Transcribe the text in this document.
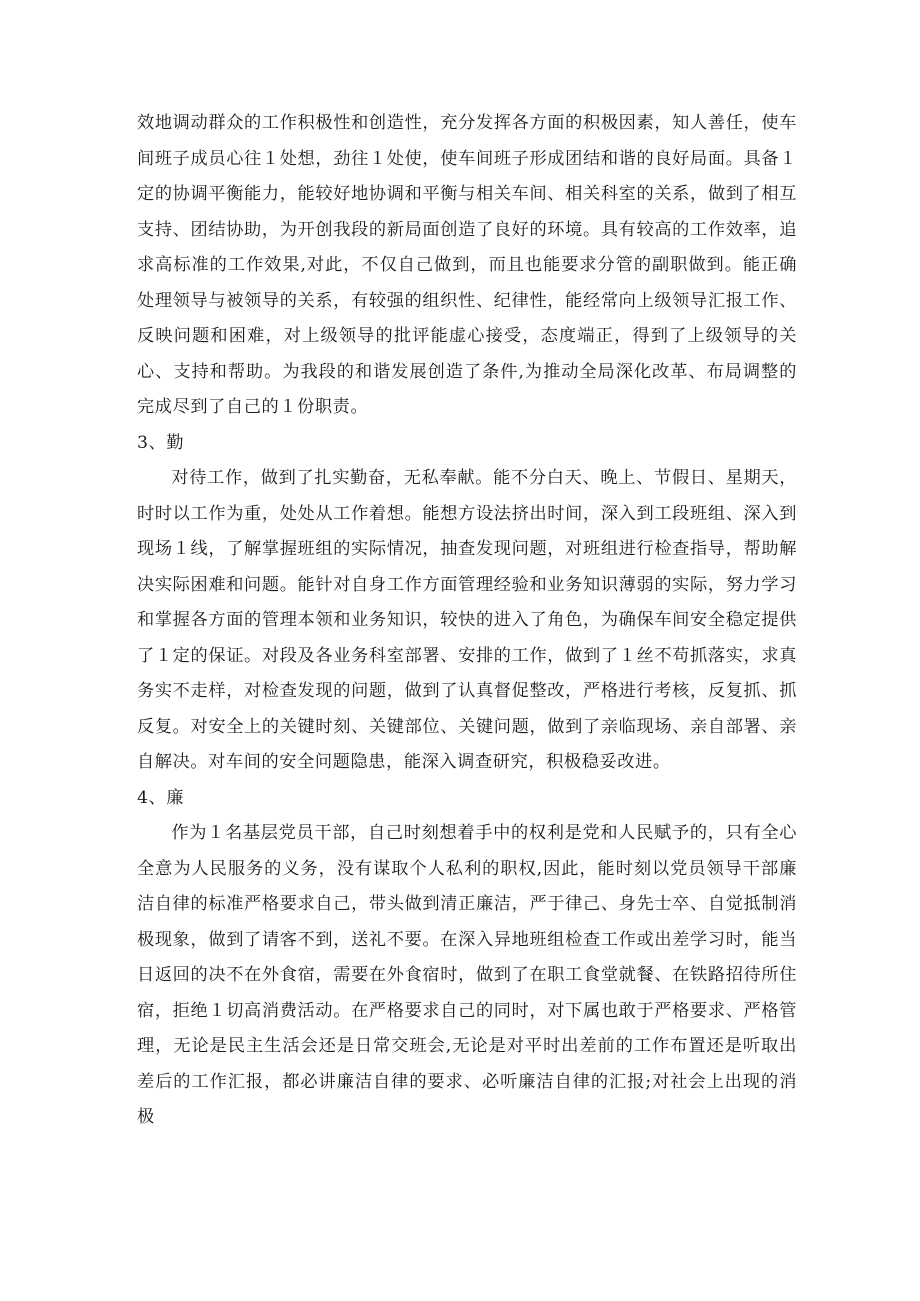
效地调动群众的工作积极性和创造性，充分发挥各方面的积极因素，知人善任，使车间班子成员心往１处想，劲往１处使，使车间班子形成团结和谐的良好局面。具备１定的协调平衡能力，能较好地协调和平衡与相关车间、相关科室的关系，做到了相互支持、团结协助，为开创我段的新局面创造了良好的环境。具有较高的工作效率，追求高标准的工作效果,对此，不仅自己做到，而且也能要求分管的副职做到。能正确处理领导与被领导的关系，有较强的组织性、纪律性，能经常向上级领导汇报工作、反映问题和困难，对上级领导的批评能虚心接受，态度端正，得到了上级领导的关心、支持和帮助。为我段的和谐发展创造了条件,为推动全局深化改革、布局调整的完成尽到了自己的１份职责。

3、勤

对待工作，做到了扎实勤奋，无私奉献。能不分白天、晚上、节假日、星期天，时时以工作为重，处处从工作着想。能想方设法挤出时间，深入到工段班组、深入到现场１线，了解掌握班组的实际情况，抽查发现问题，对班组进行检查指导，帮助解决实际困难和问题。能针对自身工作方面管理经验和业务知识薄弱的实际，努力学习和掌握各方面的管理本领和业务知识，较快的进入了角色，为确保车间安全稳定提供了１定的保证。对段及各业务科室部署、安排的工作，做到了１丝不苟抓落实，求真务实不走样，对检查发现的问题，做到了认真督促整改，严格进行考核，反复抓、抓反复。对安全上的关键时刻、关键部位、关键问题，做到了亲临现场、亲自部署、亲自解决。对车间的安全问题隐患，能深入调查研究，积极稳妥改进。

4、廉

作为１名基层党员干部，自己时刻想着手中的权利是党和人民赋予的，只有全心全意为人民服务的义务，没有谋取个人私利的职权,因此，能时刻以党员领导干部廉洁自律的标准严格要求自己，带头做到清正廉洁，严于律己、身先士卒、自觉抵制消极现象，做到了请客不到，送礼不要。在深入异地班组检查工作或出差学习时，能当日返回的决不在外食宿，需要在外食宿时，做到了在职工食堂就餐、在铁路招待所住宿，拒绝１切高消费活动。在严格要求自己的同时，对下属也敢于严格要求、严格管理，无论是民主生活会还是日常交班会,无论是对平时出差前的工作布置还是听取出差后的工作汇报，都必讲廉洁自律的要求、必听廉洁自律的汇报;对社会上出现的消极
